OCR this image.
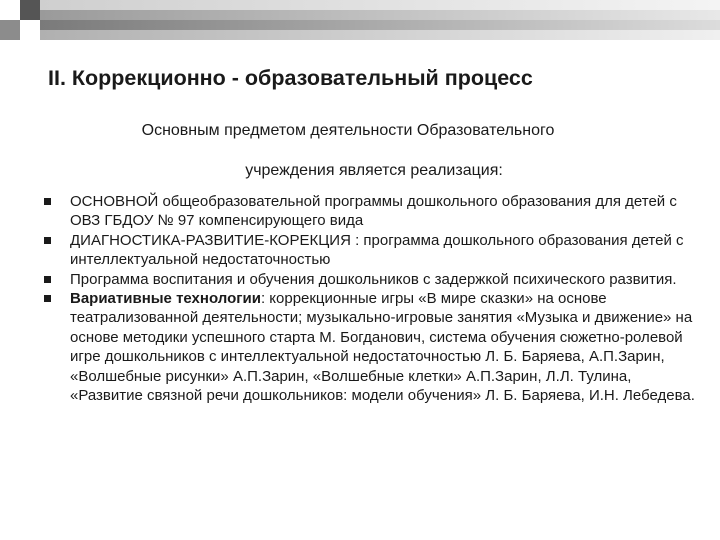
II. Коррекционно - образовательный процесс
Основным предметом деятельности Образовательного
учреждения является реализация:
ОСНОВНОЙ общеобразовательной программы дошкольного образования для детей с ОВЗ ГБДОУ № 97 компенсирующего вида
ДИАГНОСТИКА-РАЗВИТИЕ-КОРЕКЦИЯ : программа дошкольного образования детей с интеллектуальной недостаточностью
Программа воспитания и обучения дошкольников с задержкой психического развития.
Вариативные технологии: коррекционные игры «В мире сказки» на основе театрализованной деятельности; музыкально-игровые занятия «Музыка и движение» на основе методики успешного старта М. Богданович, система обучения сюжетно-ролевой игре дошкольников с интеллектуальной недостаточностью Л. Б. Баряева, А.П.Зарин, «Волшебные рисунки» А.П.Зарин, «Волшебные клетки» А.П.Зарин, Л.Л. Тулина, «Развитие связной речи дошкольников: модели обучения» Л. Б. Баряева, И.Н. Лебедева.
